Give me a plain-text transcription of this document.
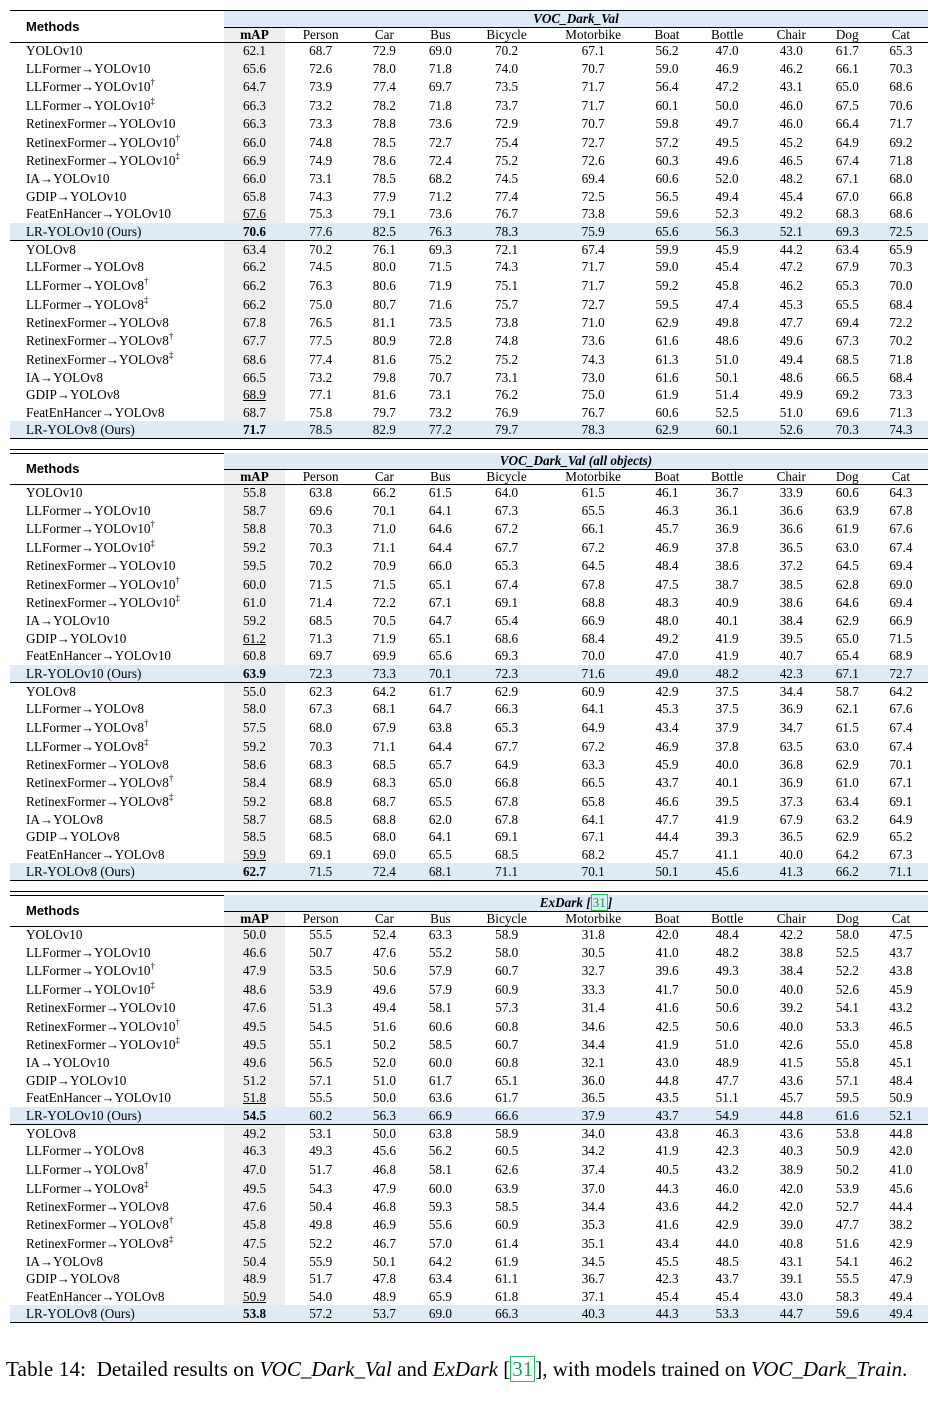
Methods	VOC_Dark_Val										
	mAP	Person	Car	Bus	Bicycle	Motorbike	Boat	Bottle	Chair	Dog	Cat
YOLOv10	62.1	68.7	72.9	69.0	70.2	67.1	56.2	47.0	43.0	61.7	65.3
LLFormer→YOLOv10	65.6	72.6	78.0	71.8	74.0	70.7	59.0	46.9	46.2	66.1	70.3
LLFormer→YOLOv10†	64.7	73.9	77.4	69.7	73.5	71.7	56.4	47.2	43.1	65.0	68.6
LLFormer→YOLOv10‡	66.3	73.2	78.2	71.8	73.7	71.7	60.1	50.0	46.0	67.5	70.6
RetinexFormer→YOLOv10	66.3	73.3	78.8	73.6	72.9	70.7	59.8	49.7	46.0	66.4	71.7
RetinexFormer→YOLOv10†	66.0	74.8	78.5	72.7	75.4	72.7	57.2	49.5	45.2	64.9	69.2
RetinexFormer→YOLOv10‡	66.9	74.9	78.6	72.4	75.2	72.6	60.3	49.6	46.5	67.4	71.8
IA→YOLOv10	66.0	73.1	78.5	68.2	74.5	69.4	60.6	52.0	48.2	67.1	68.0
GDIP→YOLOv10	65.8	74.3	77.9	71.2	77.4	72.5	56.5	49.4	45.4	67.0	66.8
FeatEnHancer→YOLOv10	67.6	75.3	79.1	73.6	76.7	73.8	59.6	52.3	49.2	68.3	68.6
LR-YOLOv10 (Ours)	70.6	77.6	82.5	76.3	78.3	75.9	65.6	56.3	52.1	69.3	72.5
YOLOv8	63.4	70.2	76.1	69.3	72.1	67.4	59.9	45.9	44.2	63.4	65.9
LLFormer→YOLOv8	66.2	74.5	80.0	71.5	74.3	71.7	59.0	45.4	47.2	67.9	70.3
LLFormer→YOLOv8†	66.2	76.3	80.6	71.9	75.1	71.7	59.2	45.8	46.2	65.3	70.0
LLFormer→YOLOv8‡	66.2	75.0	80.7	71.6	75.7	72.7	59.5	47.4	45.3	65.5	68.4
RetinexFormer→YOLOv8	67.8	76.5	81.1	73.5	73.8	71.0	62.9	49.8	47.7	69.4	72.2
RetinexFormer→YOLOv8†	67.7	77.5	80.9	72.8	74.8	73.6	61.6	48.6	49.6	67.3	70.2
RetinexFormer→YOLOv8‡	68.6	77.4	81.6	75.2	75.2	74.3	61.3	51.0	49.4	68.5	71.8
IA→YOLOv8	66.5	73.2	79.8	70.7	73.1	73.0	61.6	50.1	48.6	66.5	68.4
GDIP→YOLOv8	68.9	77.1	81.6	73.1	76.2	75.0	61.9	51.4	49.9	69.2	73.3
FeatEnHancer→YOLOv8	68.7	75.8	79.7	73.2	76.9	76.7	60.6	52.5	51.0	69.6	71.3
LR-YOLOv8 (Ours)	71.7	78.5	82.9	77.2	79.7	78.3	62.9	60.1	52.6	70.3	74.3
Methods	VOC_Dark_Val (all objects)										
	mAP	Person	Car	Bus	Bicycle	Motorbike	Boat	Bottle	Chair	Dog	Cat
YOLOv10	55.8	63.8	66.2	61.5	64.0	61.5	46.1	36.7	33.9	60.6	64.3
LLFormer→YOLOv10	58.7	69.6	70.1	64.1	67.3	65.5	46.3	36.1	36.6	63.9	67.8
LLFormer→YOLOv10†	58.8	70.3	71.0	64.6	67.2	66.1	45.7	36.9	36.6	61.9	67.6
LLFormer→YOLOv10‡	59.2	70.3	71.1	64.4	67.7	67.2	46.9	37.8	36.5	63.0	67.4
RetinexFormer→YOLOv10	59.5	70.2	70.9	66.0	65.3	64.5	48.4	38.6	37.2	64.5	69.4
RetinexFormer→YOLOv10†	60.0	71.5	71.5	65.1	67.4	67.8	47.5	38.7	38.5	62.8	69.0
RetinexFormer→YOLOv10‡	61.0	71.4	72.2	67.1	69.1	68.8	48.3	40.9	38.6	64.6	69.4
IA→YOLOv10	59.2	68.5	70.5	64.7	65.4	66.9	48.0	40.1	38.4	62.9	66.9
GDIP→YOLOv10	61.2	71.3	71.9	65.1	68.6	68.4	49.2	41.9	39.5	65.0	71.5
FeatEnHancer→YOLOv10	60.8	69.7	69.9	65.6	69.3	70.0	47.0	41.9	40.7	65.4	68.9
LR-YOLOv10 (Ours)	63.9	72.3	73.3	70.1	72.3	71.6	49.0	48.2	42.3	67.1	72.7
YOLOv8	55.0	62.3	64.2	61.7	62.9	60.9	42.9	37.5	34.4	58.7	64.2
LLFormer→YOLOv8	58.0	67.3	68.1	64.7	66.3	64.1	45.3	37.5	36.9	62.1	67.6
LLFormer→YOLOv8†	57.5	68.0	67.9	63.8	65.3	64.9	43.4	37.9	34.7	61.5	67.4
LLFormer→YOLOv8‡	59.2	70.3	71.1	64.4	67.7	67.2	46.9	37.8	63.5	63.0	67.4
RetinexFormer→YOLOv8	58.6	68.3	68.5	65.7	64.9	63.3	45.9	40.0	36.8	62.9	70.1
RetinexFormer→YOLOv8†	58.4	68.9	68.3	65.0	66.8	66.5	43.7	40.1	36.9	61.0	67.1
RetinexFormer→YOLOv8‡	59.2	68.8	68.7	65.5	67.8	65.8	46.6	39.5	37.3	63.4	69.1
IA→YOLOv8	58.7	68.5	68.8	62.0	67.8	64.1	47.7	41.9	67.9	63.2	64.9
GDIP→YOLOv8	58.5	68.5	68.0	64.1	69.1	67.1	44.4	39.3	36.5	62.9	65.2
FeatEnHancer→YOLOv8	59.9	69.1	69.0	65.5	68.5	68.2	45.7	41.1	40.0	64.2	67.3
LR-YOLOv8 (Ours)	62.7	71.5	72.4	68.1	71.1	70.1	50.1	45.6	41.3	66.2	71.1
Methods	ExDark [ 31 ]										
	mAP	Person	Car	Bus	Bicycle	Motorbike	Boat	Bottle	Chair	Dog	Cat
YOLOv10	50.0	55.5	52.4	63.3	58.9	31.8	42.0	48.4	42.2	58.0	47.5
LLFormer→YOLOv10	46.6	50.7	47.6	55.2	58.0	30.5	41.0	48.2	38.8	52.5	43.7
LLFormer→YOLOv10†	47.9	53.5	50.6	57.9	60.7	32.7	39.6	49.3	38.4	52.2	43.8
LLFormer→YOLOv10‡	48.6	53.9	49.6	57.9	60.9	33.3	41.7	50.0	40.0	52.6	45.9
RetinexFormer→YOLOv10	47.6	51.3	49.4	58.1	57.3	31.4	41.6	50.6	39.2	54.1	43.2
RetinexFormer→YOLOv10†	49.5	54.5	51.6	60.6	60.8	34.6	42.5	50.6	40.0	53.3	46.5
RetinexFormer→YOLOv10‡	49.5	55.1	50.2	58.5	60.7	34.4	41.9	51.0	42.6	55.0	45.8
IA→YOLOv10	49.6	56.5	52.0	60.0	60.8	32.1	43.0	48.9	41.5	55.8	45.1
GDIP→YOLOv10	51.2	57.1	51.0	61.7	65.1	36.0	44.8	47.7	43.6	57.1	48.4
FeatEnHancer→YOLOv10	51.8	55.5	50.0	63.6	61.7	36.5	43.5	51.1	45.7	59.5	50.9
LR-YOLOv10 (Ours)	54.5	60.2	56.3	66.9	66.6	37.9	43.7	54.9	44.8	61.6	52.1
YOLOv8	49.2	53.1	50.0	63.8	58.9	34.0	43.8	46.3	43.6	53.8	44.8
LLFormer→YOLOv8	46.3	49.3	45.6	56.2	60.5	34.2	41.9	42.3	40.3	50.9	42.0
LLFormer→YOLOv8†	47.0	51.7	46.8	58.1	62.6	37.4	40.5	43.2	38.9	50.2	41.0
LLFormer→YOLOv8‡	49.5	54.3	47.9	60.0	63.9	37.0	44.3	46.0	42.0	53.9	45.6
RetinexFormer→YOLOv8	47.6	50.4	46.8	59.3	58.5	34.4	43.6	44.2	42.0	52.7	44.4
RetinexFormer→YOLOv8†	45.8	49.8	46.9	55.6	60.9	35.3	41.6	42.9	39.0	47.7	38.2
RetinexFormer→YOLOv8‡	47.5	52.2	46.7	57.0	61.4	35.1	43.4	44.0	40.8	51.6	42.9
IA→YOLOv8	50.4	55.9	50.1	64.2	61.9	34.5	45.5	48.5	43.1	54.1	46.2
GDIP→YOLOv8	48.9	51.7	47.8	63.4	61.1	36.7	42.3	43.7	39.1	55.5	47.9
FeatEnHancer→YOLOv8	50.9	54.0	48.9	65.9	61.8	37.1	45.4	45.4	43.0	58.3	49.4
LR-YOLOv8 (Ours)	53.8	57.2	53.7	69.0	66.3	40.3	44.3	53.3	44.7	59.6	49.4
Table 14: Detailed results on VOC_Dark_Val and ExDark [31], with models trained on VOC_Dark_Train.
